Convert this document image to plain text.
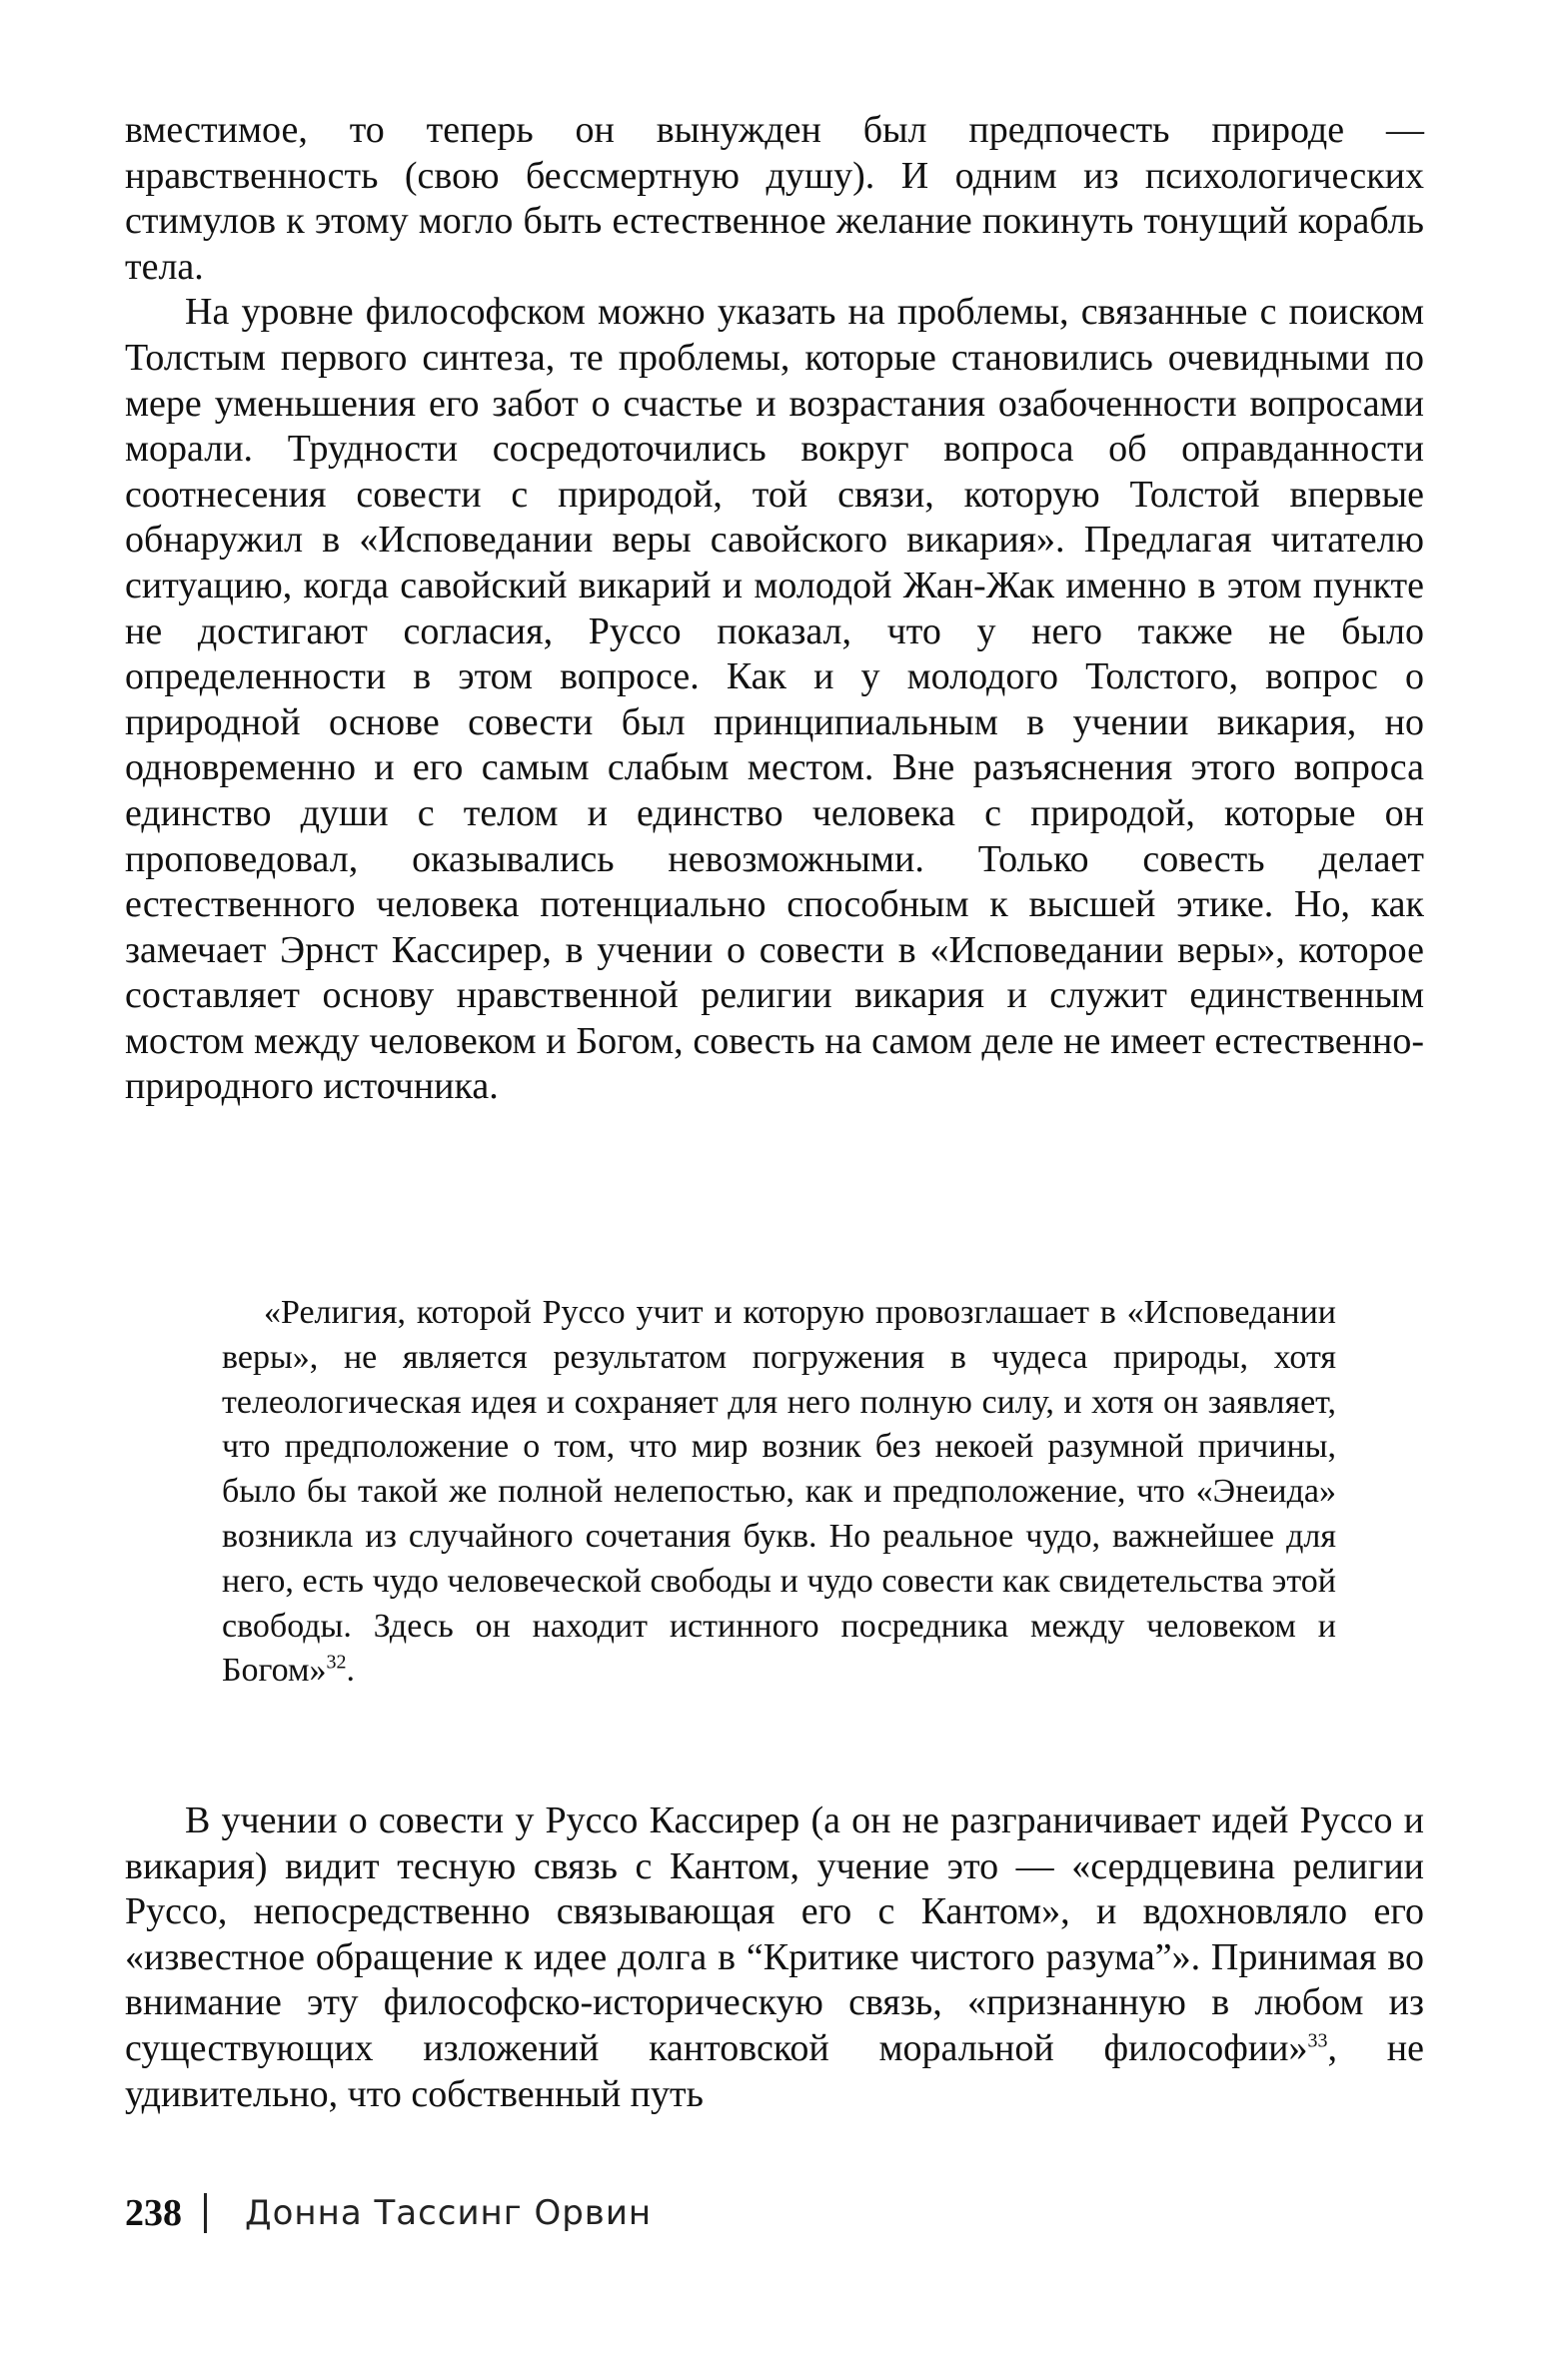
вместимое, то теперь он вынужден был предпочесть природе — нравственность (свою бессмертную душу). И одним из психологических стимулов к этому могло быть естественное желание покинуть тонущий корабль тела.

На уровне философском можно указать на проблемы, связанные с поиском Толстым первого синтеза, те проблемы, которые становились очевидными по мере уменьшения его забот о счастье и возрастания озабоченности вопросами морали. Трудности сосредоточились вокруг вопроса об оправданности соотнесения совести с природой, той связи, которую Толстой впервые обнаружил в «Исповедании веры савойского викария». Предлагая читателю ситуацию, когда савойский викарий и молодой Жан-Жак именно в этом пункте не достигают согласия, Руссо показал, что у него также не было определенности в этом вопросе. Как и у молодого Толстого, вопрос о природной основе совести был принципиальным в учении викария, но одновременно и его самым слабым местом. Вне разъяснения этого вопроса единство души с телом и единство человека с природой, которые он проповедовал, оказывались невозможными. Только совесть делает естественного человека потенциально способным к высшей этике. Но, как замечает Эрнст Кассирер, в учении о совести в «Исповедании веры», которое составляет основу нравственной религии викария и служит единственным мостом между человеком и Богом, совесть на самом деле не имеет естественно-природного источника.

«Религия, которой Руссо учит и которую провозглашает в «Исповедании веры», не является результатом погружения в чудеса природы, хотя телеологическая идея и сохраняет для него полную силу, и хотя он заявляет, что предположение о том, что мир возник без некоей разумной причины, было бы такой же полной нелепостью, как и предположение, что «Энеида» возникла из случайного сочетания букв. Но реальное чудо, важнейшее для него, есть чудо человеческой свободы и чудо совести как свидетельства этой свободы. Здесь он находит истинного посредника между человеком и Богом»$^{32}$.

В учении о совести у Руссо Кассирер (а он не разграничивает идей Руссо и викария) видит тесную связь с Кантом, учение это — «сердцевина религии Руссо, непосредственно связывающая его с Кантом», и вдохновляло его «известное обращение к идее долга в “Критике чистого разума”». Принимая во внимание эту философско-историческую связь, «признанную в любом из существующих изложений кантовской моральной философии»$^{33}$, не удивительно, что собственный путь

238 Донна Тассинг Орвин
